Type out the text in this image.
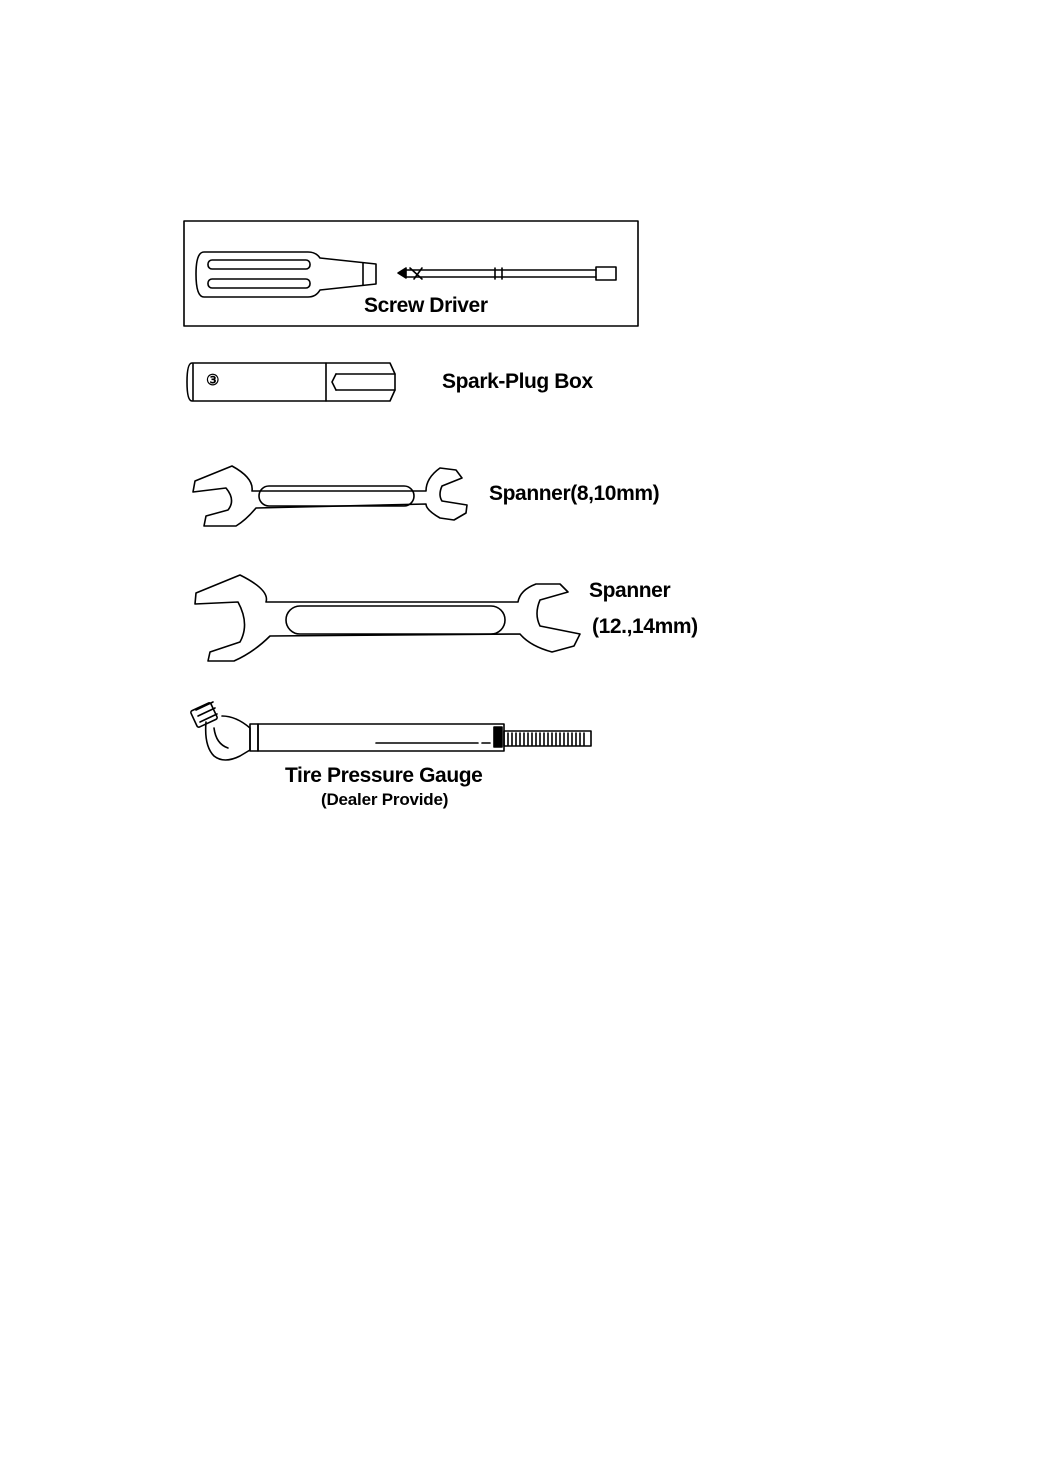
Screw Driver
③	Spark-Plug Box
Spanner(8,10mm)
Spanner
(12.,14mm)
Tire Pressure Gauge
(Dealer Provide)
